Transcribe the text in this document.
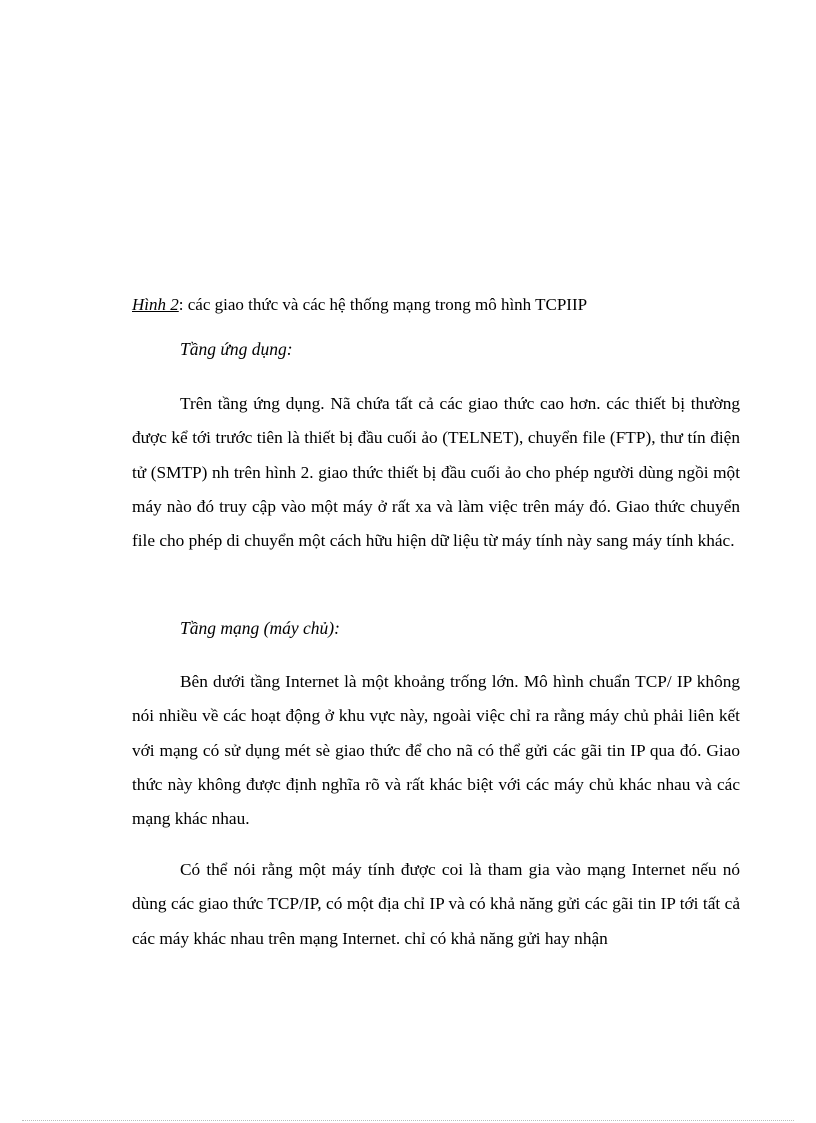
Hình 2: các giao thức và các hệ thống mạng trong mô hình TCPIIP
Tầng ứng dụng:

Trên tầng ứng dụng. Nã chứa tất cả các giao thức cao hơn. các thiết bị thường được kể tới trước tiên là thiết bị đầu cuối ảo (TELNET), chuyển file (FTP), thư tín điện tử (SMTP) nh trên hình 2. giao thức thiết bị đầu cuối ảo cho phép người dùng ngồi một máy nào đó truy cập vào một máy ở rất xa và làm việc trên máy đó. Giao thức chuyển file cho phép di chuyển một cách hữu hiện dữ liệu từ máy tính này sang máy tính khác.

Tầng mạng (máy chủ):

Bên dưới tầng Internet là một khoảng trống lớn. Mô hình chuẩn TCP/ IP không nói nhiều về các hoạt động ở khu vực này, ngoài việc chỉ ra rằng máy chủ phải liên kết với mạng có sử dụng mét sè giao thức để cho nã có thể gửi các gãi tin IP qua đó. Giao thức này không được định nghĩa rõ và rất khác biệt với các máy chủ khác nhau và các mạng khác nhau.

Có thể nói rằng một máy tính được coi là tham gia vào mạng Internet nếu nó dùng các giao thức TCP/IP, có một địa chỉ IP và có khả năng gửi các gãi tin IP tới tất cả các máy khác nhau trên mạng Internet. chỉ có khả năng gửi hay nhận
